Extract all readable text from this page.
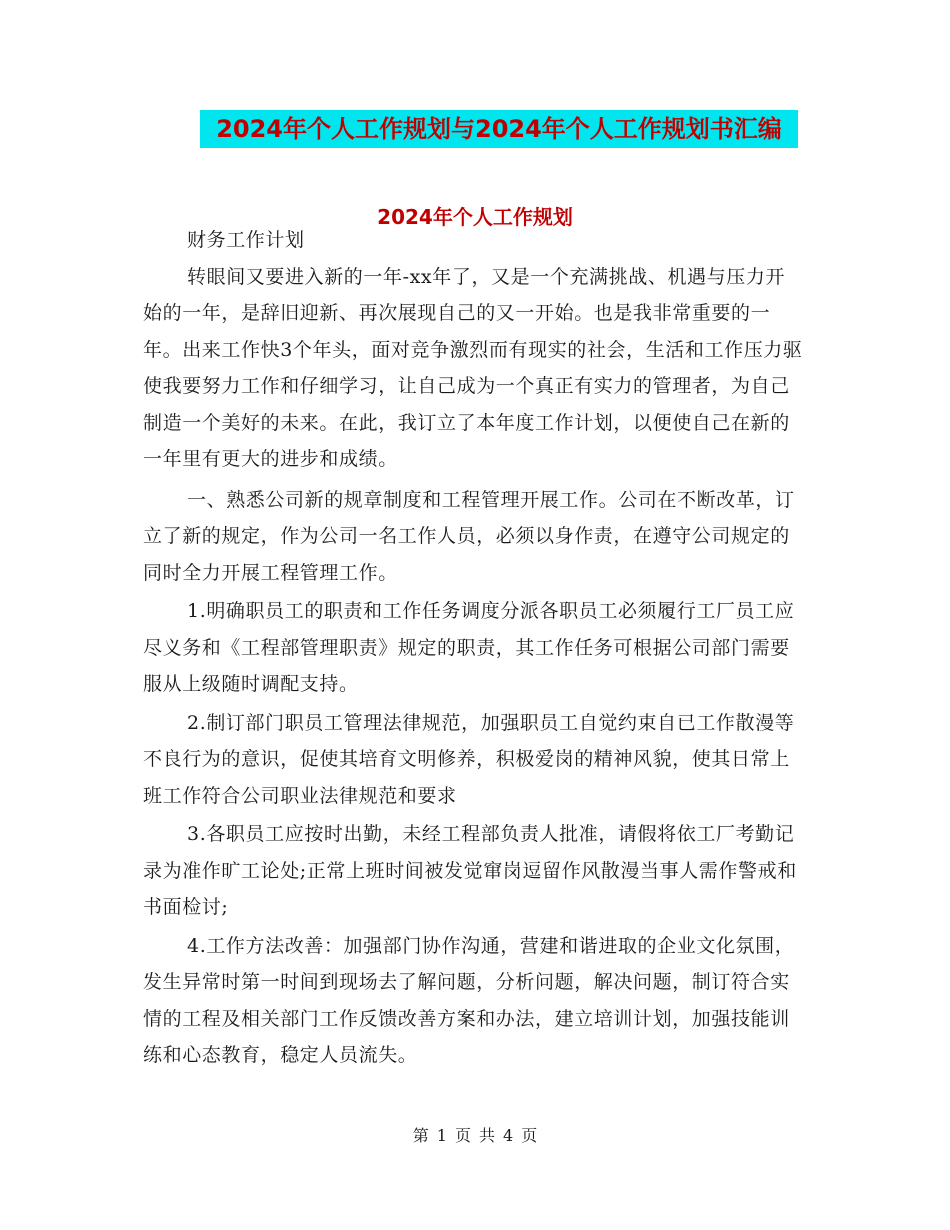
2024年个人工作规划与2024年个人工作规划书汇编
2024年个人工作规划

财务工作计划

转眼间又要进入新的一年-xx年了，又是一个充满挑战、机遇与压力开始的一年，是辞旧迎新、再次展现自己的又一开始。也是我非常重要的一年。出来工作快3个年头，面对竞争激烈而有现实的社会，生活和工作压力驱使我要努力工作和仔细学习，让自己成为一个真正有实力的管理者，为自己制造一个美好的未来。在此，我订立了本年度工作计划，以便使自己在新的一年里有更大的进步和成绩。

一、熟悉公司新的规章制度和工程管理开展工作。公司在不断改革，订立了新的规定，作为公司一名工作人员，必须以身作责，在遵守公司规定的同时全力开展工程管理工作。

1.明确职员工的职责和工作任务调度分派各职员工必须履行工厂员工应尽义务和《工程部管理职责》规定的职责，其工作任务可根据公司部门需要服从上级随时调配支持。

2.制订部门职员工管理法律规范，加强职员工自觉约束自已工作散漫等不良行为的意识，促使其培育文明修养，积极爱岗的精神风貌，使其日常上班工作符合公司职业法律规范和要求

3.各职员工应按时出勤，未经工程部负责人批准，请假将依工厂考勤记录为准作旷工论处;正常上班时间被发觉窜岗逗留作风散漫当事人需作警戒和书面检讨;

4.工作方法改善：加强部门协作沟通，营建和谐进取的企业文化氛围，发生异常时第一时间到现场去了解问题，分析问题，解决问题，制订符合实情的工程及相关部门工作反馈改善方案和办法，建立培训计划，加强技能训练和心态教育，稳定人员流失。

第 1 页 共 4 页
